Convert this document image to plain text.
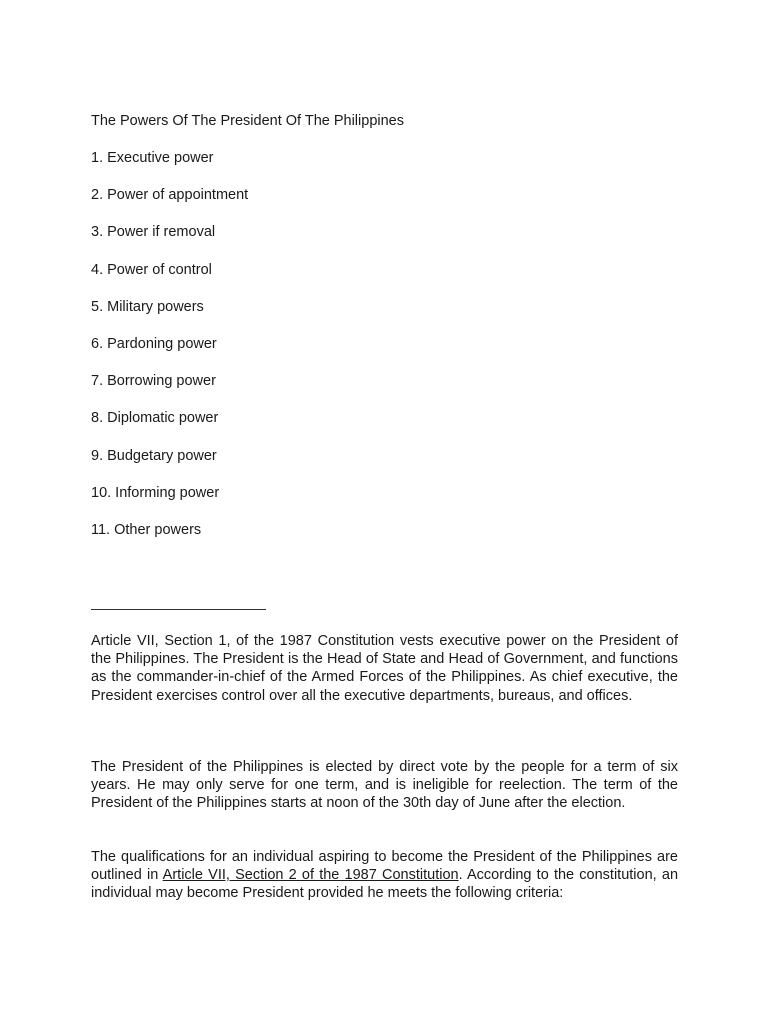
The Powers Of The President Of The Philippines
1. Executive power
2. Power of appointment
3. Power if removal
4. Power of control
5. Military powers
6. Pardoning power
7. Borrowing power
8. Diplomatic power
9. Budgetary power
10. Informing power
11. Other powers

Article VII, Section 1, of the 1987 Constitution vests executive power on the President of the Philippines. The President is the Head of State and Head of Government, and functions as the commander-in-chief of the Armed Forces of the Philippines. As chief executive, the President exercises control over all the executive departments, bureaus, and offices.

The President of the Philippines is elected by direct vote by the people for a term of six years. He may only serve for one term, and is ineligible for reelection. The term of the President of the Philippines starts at noon of the 30th day of June after the election.

The qualifications for an individual aspiring to become the President of the Philippines are outlined in Article VII, Section 2 of the 1987 Constitution. According to the constitution, an individual may become President provided he meets the following criteria:
